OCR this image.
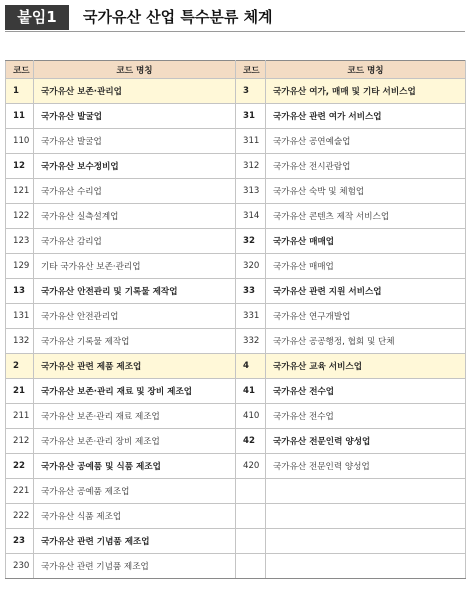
붙임1	국가유산 산업 특수분류 체계
코드	코드 명칭	코드	코드 명칭
1	국가유산 보존·관리업	3	국가유산 여가, 매매 및 기타 서비스업
11	국가유산 발굴업	31	국가유산 관련 여가 서비스업
110	국가유산 발굴업	311	국가유산 공연예술업
12	국가유산 보수정비업	312	국가유산 전시관람업
121	국가유산 수리업	313	국가유산 숙박 및 체험업
122	국가유산 실측설계업	314	국가유산 콘텐츠 제작 서비스업
123	국가유산 감리업	32	국가유산 매매업
129	기타 국가유산 보존·관리업	320	국가유산 매매업
13	국가유산 안전관리 및 기록물 제작업	33	국가유산 관련 지원 서비스업
131	국가유산 안전관리업	331	국가유산 연구개발업
132	국가유산 기록물 제작업	332	국가유산 공공행정, 협회 및 단체
2	국가유산 관련 제품 제조업	4	국가유산 교육 서비스업
21	국가유산 보존·관리 재료 및 장비 제조업	41	국가유산 전수업
211	국가유산 보존·관리 재료 제조업	410	국가유산 전수업
212	국가유산 보존·관리 장비 제조업	42	국가유산 전문인력 양성업
22	국가유산 공예품 및 식품 제조업	420	국가유산 전문인력 양성업
221	국가유산 공예품 제조업		
222	국가유산 식품 제조업		
23	국가유산 관련 기념품 제조업		
230	국가유산 관련 기념품 제조업		
